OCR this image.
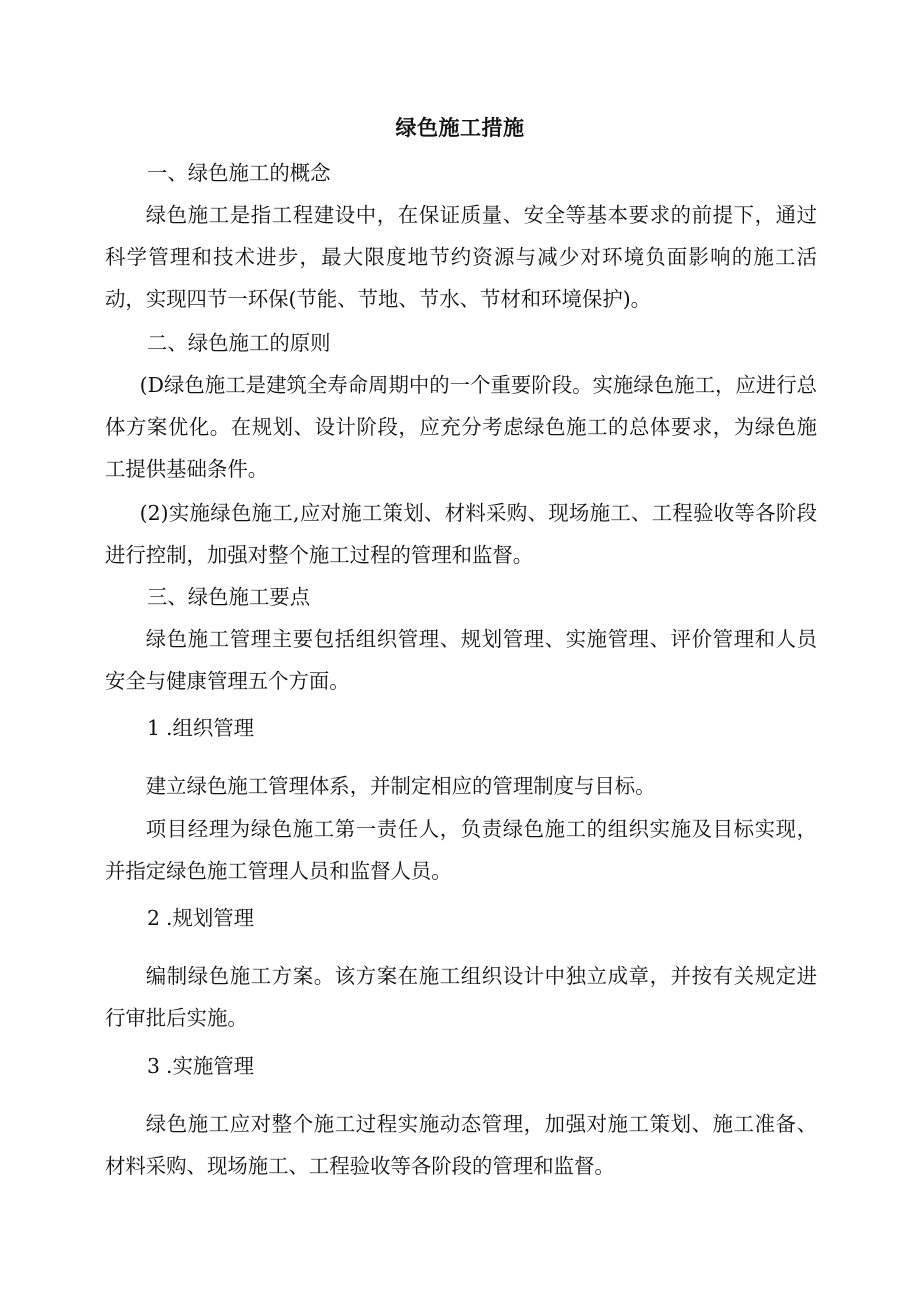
绿色施工措施

一、绿色施工的概念

绿色施工是指工程建设中，在保证质量、安全等基本要求的前提下，通过科学管理和技术进步，最大限度地节约资源与减少对环境负面影响的施工活动，实现四节一环保(节能、节地、节水、节材和环境保护)。

二、绿色施工的原则

(D绿色施工是建筑全寿命周期中的一个重要阶段。实施绿色施工，应进行总体方案优化。在规划、设计阶段，应充分考虑绿色施工的总体要求，为绿色施工提供基础条件。

(2)实施绿色施工,应对施工策划、材料采购、现场施工、工程验收等各阶段进行控制，加强对整个施工过程的管理和监督。

三、绿色施工要点

绿色施工管理主要包括组织管理、规划管理、实施管理、评价管理和人员安全与健康管理五个方面。

1 .组织管理

建立绿色施工管理体系，并制定相应的管理制度与目标。

项目经理为绿色施工第一责任人，负责绿色施工的组织实施及目标实现，并指定绿色施工管理人员和监督人员。

2 .规划管理

编制绿色施工方案。该方案在施工组织设计中独立成章，并按有关规定进行审批后实施。

3 .实施管理

绿色施工应对整个施工过程实施动态管理，加强对施工策划、施工准备、材料采购、现场施工、工程验收等各阶段的管理和监督。
